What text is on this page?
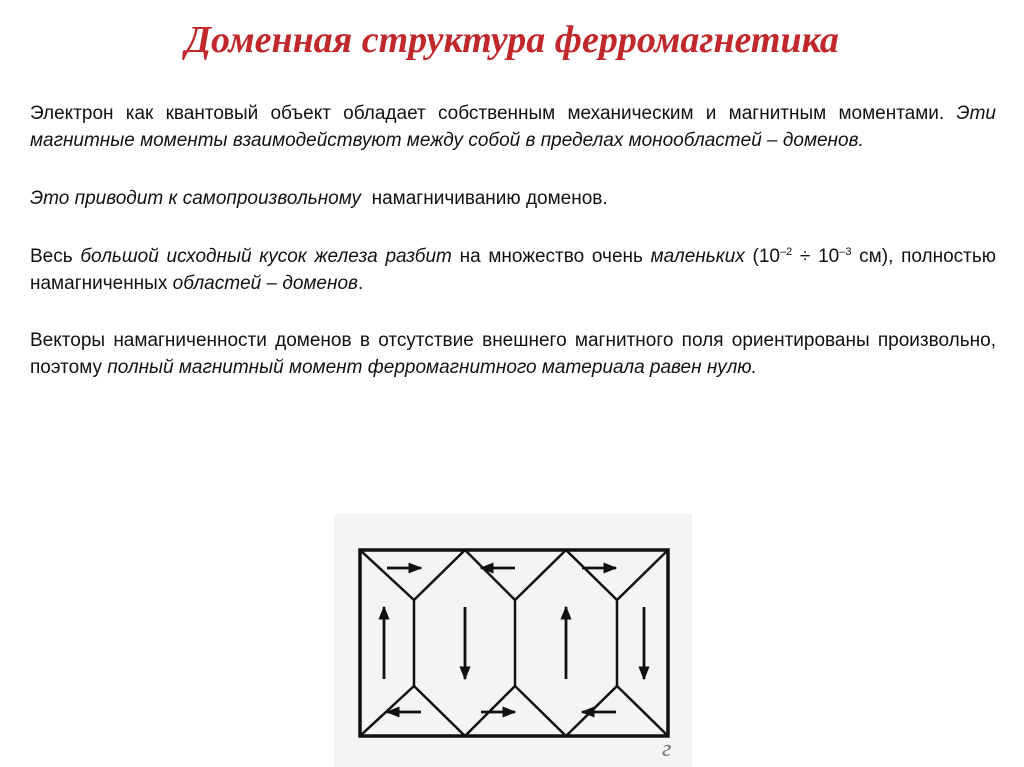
Доменная структура ферромагнетика

Электрон как квантовый объект обладает собственным механическим и магнитным моментами. Эти магнитные моменты взаимодействуют между собой в пределах монообластей – доменов.

Это приводит к самопроизвольному  намагничиванию доменов.

Весь большой исходный кусок железа разбит на множество очень маленьких ($10^{-2} \div 10^{-3}$ см), полностью намагниченных областей – доменов.

Векторы намагниченности доменов в отсутствие внешнего магнитного поля ориентированы произвольно, поэтому полный магнитный момент ферромагнитного материала равен нулю.

г
